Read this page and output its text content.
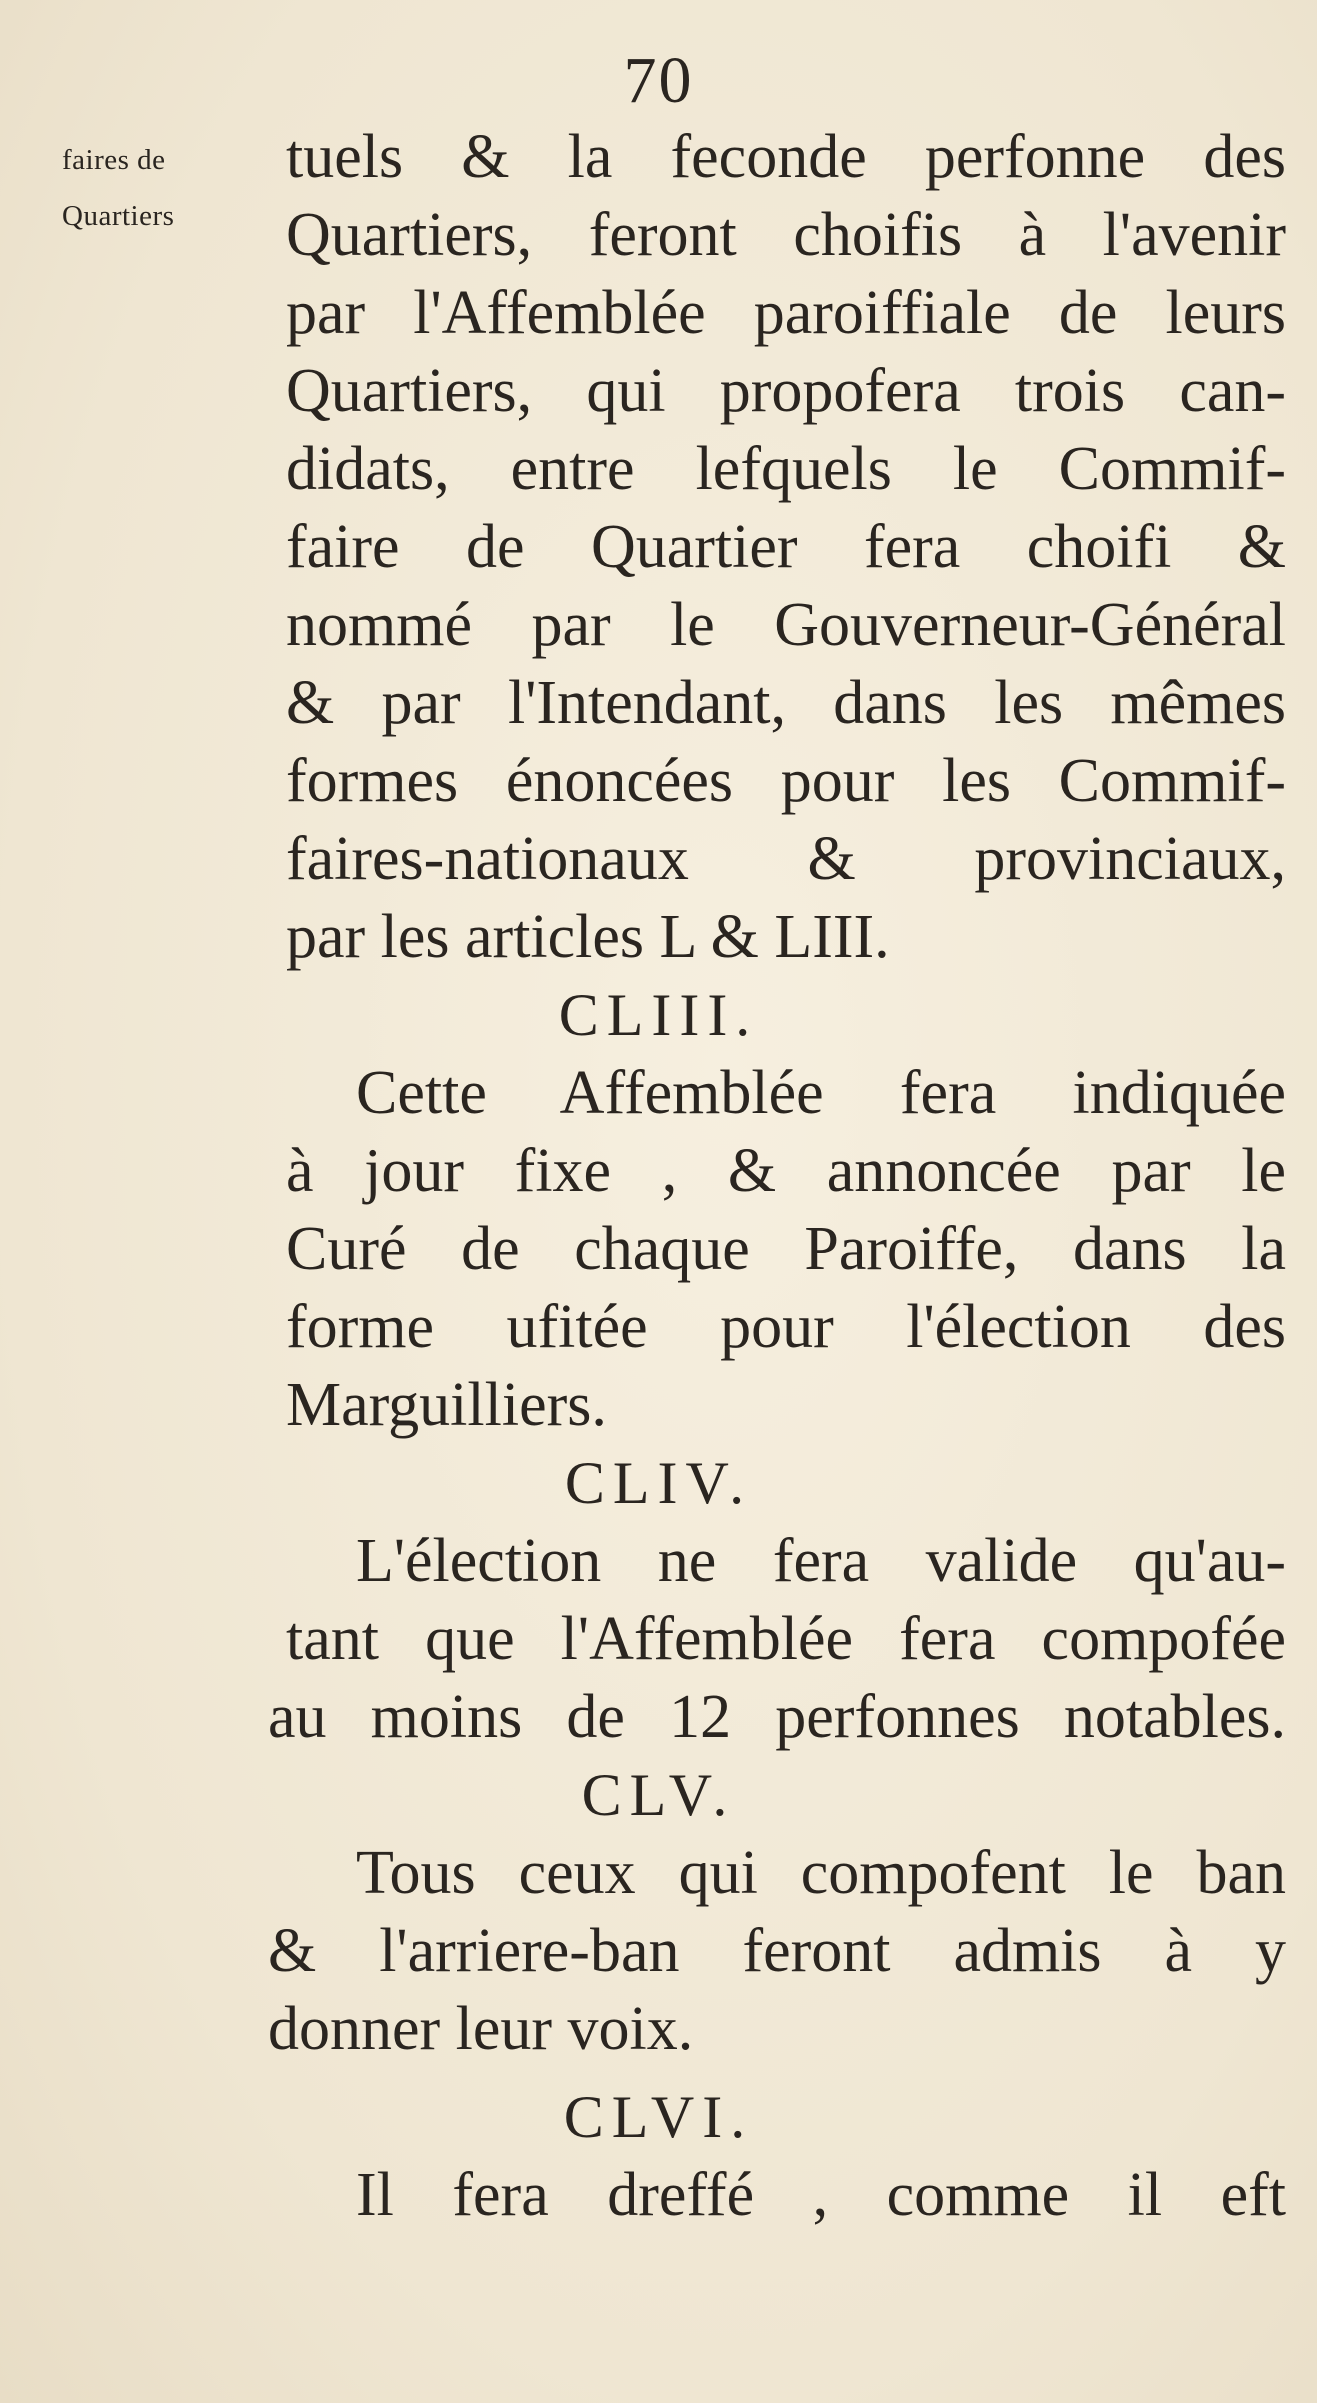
70
faires de
Quartiers
tuels & la feconde perfonne des
Quartiers, feront choifis à l'avenir
par l'Affemblée paroiffiale de leurs
Quartiers, qui propofera trois can-
didats, entre lefquels le Commif-
faire de Quartier fera choifi &
nommé par le Gouverneur-Général
& par l'Intendant, dans les mêmes
formes énoncées pour les Commif-
faires-nationaux & provinciaux,
par les articles L & LIII.
CLIII.
Cette Affemblée fera indiquée
à jour fixe , & annoncée par le
Curé de chaque Paroiffe, dans la
forme ufitée pour l'élection des
Marguilliers.
CLIV.
L'élection ne fera valide qu'au-
tant que l'Affemblée fera compofée
au moins de 12 perfonnes notables.
CLV.
Tous ceux qui compofent le ban
& l'arriere-ban feront admis à y
donner leur voix.
CLVI.
Il fera dreffé , comme il eft
